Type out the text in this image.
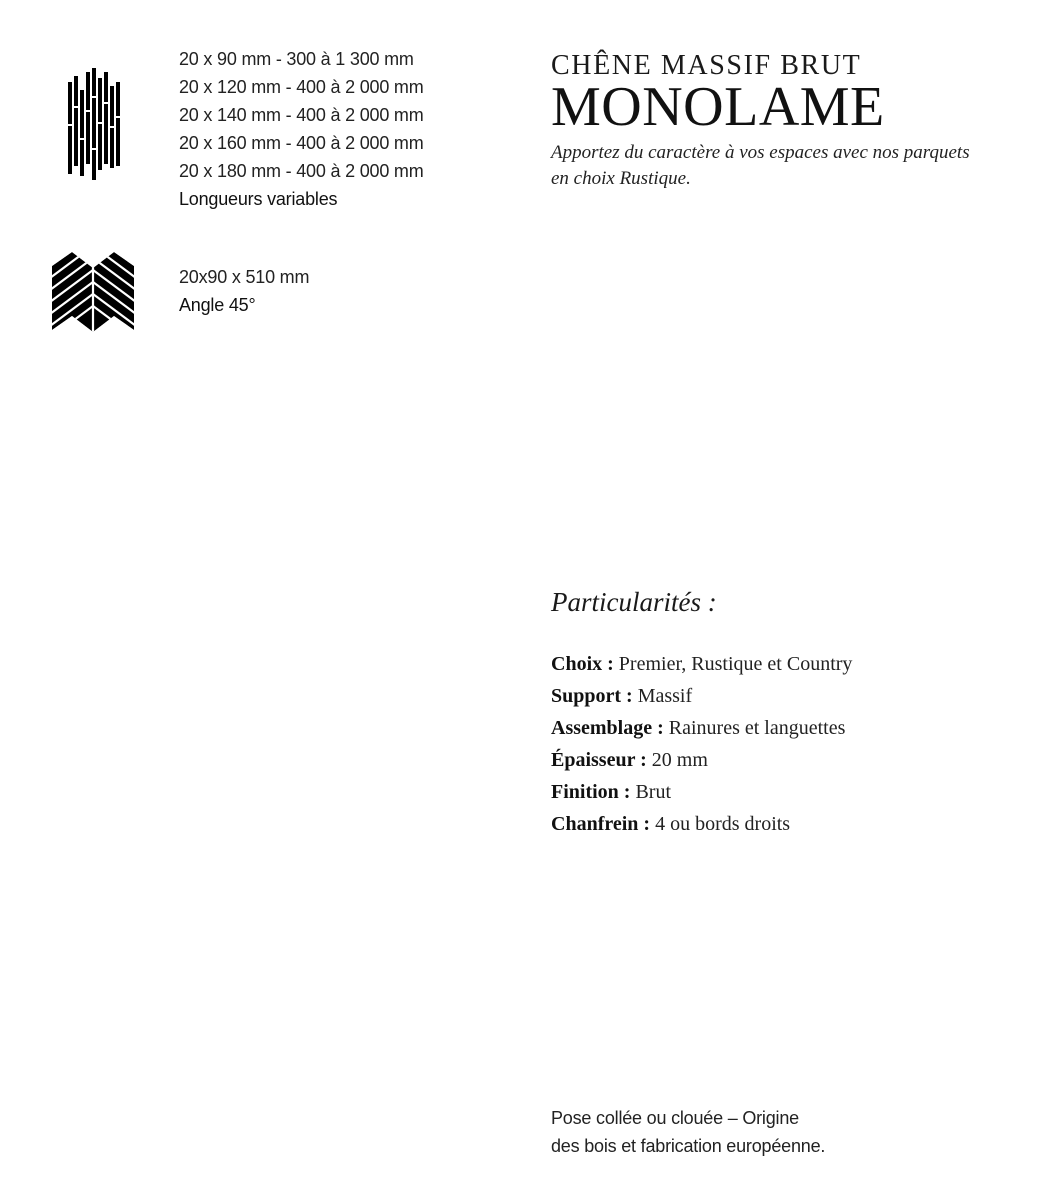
20 x 90 mm - 300 à 1 300 mm
20 x 120 mm - 400 à 2 000 mm
20 x 140 mm - 400 à 2 000 mm
20 x 160 mm - 400 à 2 000 mm
20 x 180 mm - 400 à 2 000 mm
Longueurs variables
20x90 x 510 mm
Angle 45°
CHÊNE MASSIF BRUT
MONOLAME
Apportez du caractère à vos espaces avec nos parquets en choix Rustique.
Particularités :
Choix : Premier, Rustique et Country
Support : Massif
Assemblage : Rainures et languettes
Épaisseur : 20 mm
Finition : Brut
Chanfrein : 4 ou bords droits
Pose collée ou clouée – Origine
des bois et fabrication européenne.
